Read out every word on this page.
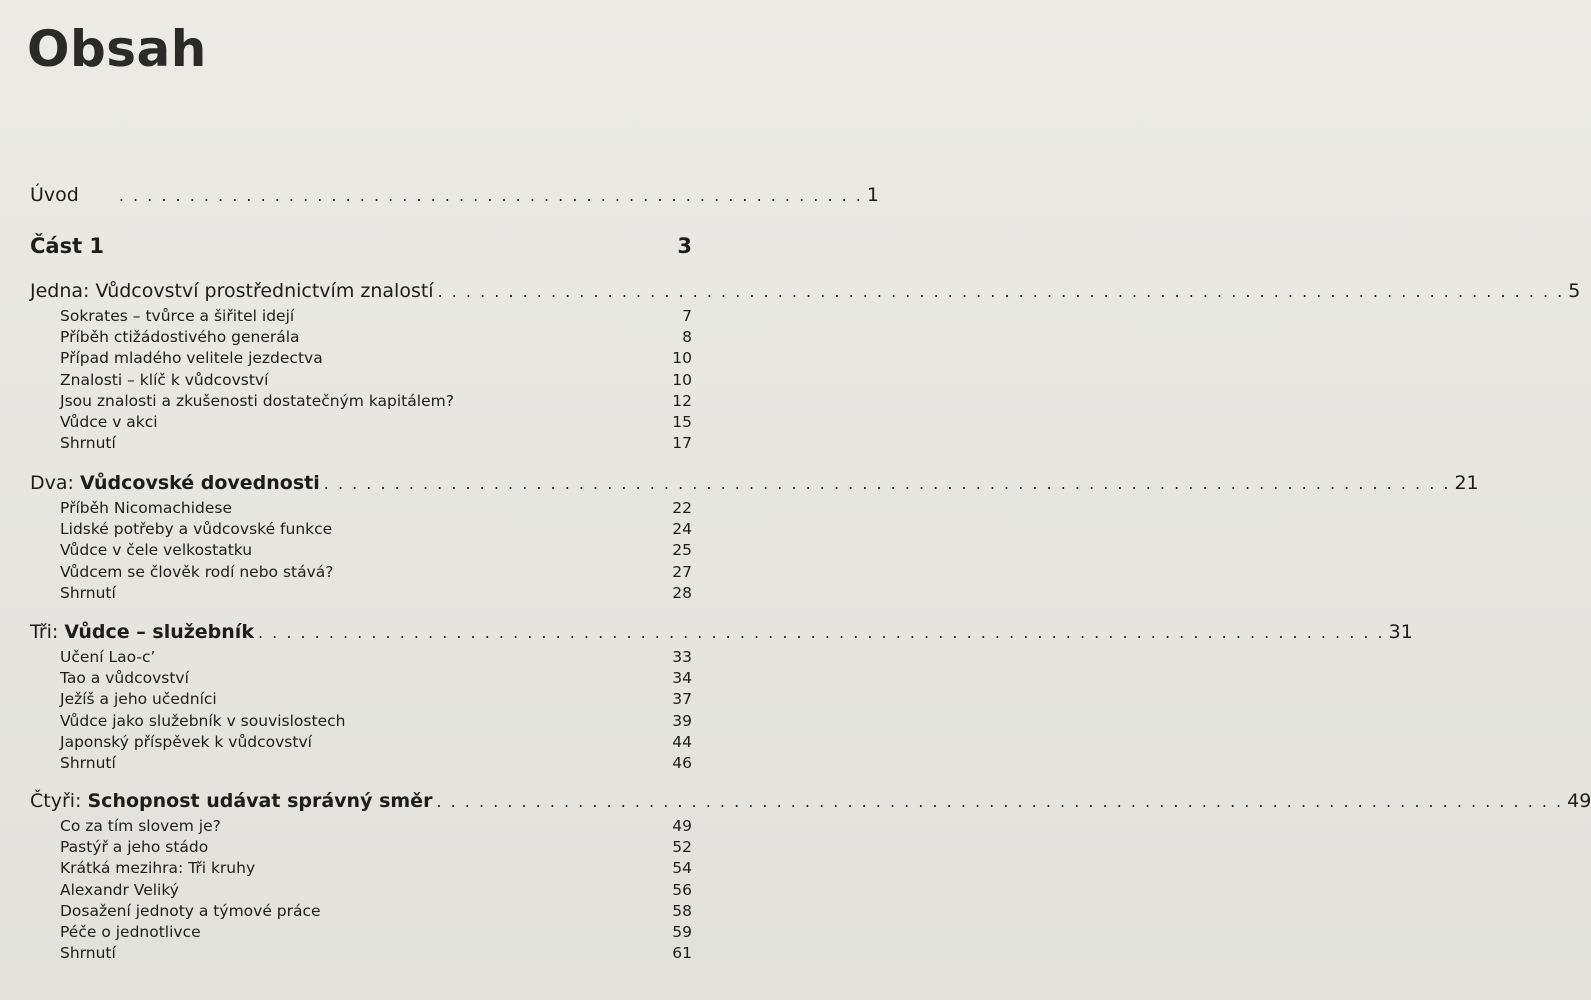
Obsah
Úvod	. . . . . . . . . . . . . . . . . . . . . . . . . . . . . . . . . . . . . . . . . . . . . . . . . . . . . 1
Část 1	3
Jedna: Vůdcovství prostřednictvím znalostí . . . . . . . . . . . . . . . . . . . . . . . . . . . . . . . . . . . . . . . . . . . . . . . . . . . . . . . . . . . . . . . . . . . . . . . . . . . . . . . . 5
Sokrates – tvůrce a šiřitel idejí	7
Příběh ctižádostivého generála	8
Případ mladého velitele jezdectva	10
Znalosti – klíč k vůdcovství	10
Jsou znalosti a zkušenosti dostatečným kapitálem?	12
Vůdce v akci	15
Shrnutí	17
Dva: Vůdcovské dovednosti . . . . . . . . . . . . . . . . . . . . . . . . . . . . . . . . . . . . . . . . . . . . . . . . . . . . . . . . . . . . . . . . . . . . . . . . . . . . . . . . 21
Příběh Nicomachidese	22
Lidské potřeby a vůdcovské funkce	24
Vůdce v čele velkostatku	25
Vůdcem se člověk rodí nebo stává?	27
Shrnutí	28
Tři: Vůdce – služebník . . . . . . . . . . . . . . . . . . . . . . . . . . . . . . . . . . . . . . . . . . . . . . . . . . . . . . . . . . . . . . . . . . . . . . . . . . . . . . . . 31
Učení Lao-c’	33
Tao a vůdcovství	34
Ježíš a jeho učedníci	37
Vůdce jako služebník v souvislostech	39
Japonský příspěvek k vůdcovství	44
Shrnutí	46
Čtyři: Schopnost udávat správný směr . . . . . . . . . . . . . . . . . . . . . . . . . . . . . . . . . . . . . . . . . . . . . . . . . . . . . . . . . . . . . . . . . . . . . . . . . . . . . . . . 49
Co za tím slovem je?	49
Pastýř a jeho stádo	52
Krátká mezihra: Tři kruhy	54
Alexandr Veliký	56
Dosažení jednoty a týmové práce	58
Péče o jednotlivce	59
Shrnutí	61
